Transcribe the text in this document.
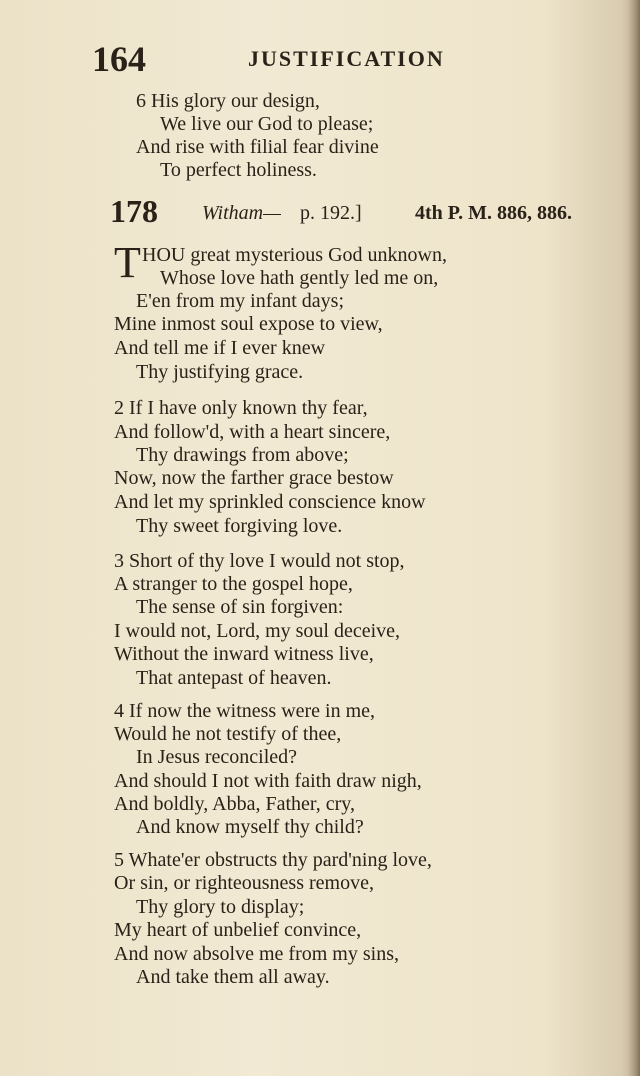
164	JUSTIFICATION
6 His glory our design,
We live our God to please;
And rise with filial fear divine
To perfect holiness.
178 Witham— p. 192.]	4th P. M. 886, 886.
T HOU great mysterious God unknown,
Whose love hath gently led me on,
E'en from my infant days;
Mine inmost soul expose to view,
And tell me if I ever knew
Thy justifying grace.
2 If I have only known thy fear,
And follow'd, with a heart sincere,
Thy drawings from above;
Now, now the farther grace bestow
And let my sprinkled conscience know
Thy sweet forgiving love.
3 Short of thy love I would not stop,
A stranger to the gospel hope,
The sense of sin forgiven:
I would not, Lord, my soul deceive,
Without the inward witness live,
That antepast of heaven.
4 If now the witness were in me,
Would he not testify of thee,
In Jesus reconciled?
And should I not with faith draw nigh,
And boldly, Abba, Father, cry,
And know myself thy child?
5 Whate'er obstructs thy pard'ning love,
Or sin, or righteousness remove,
Thy glory to display;
My heart of unbelief convince,
And now absolve me from my sins,
And take them all away.
